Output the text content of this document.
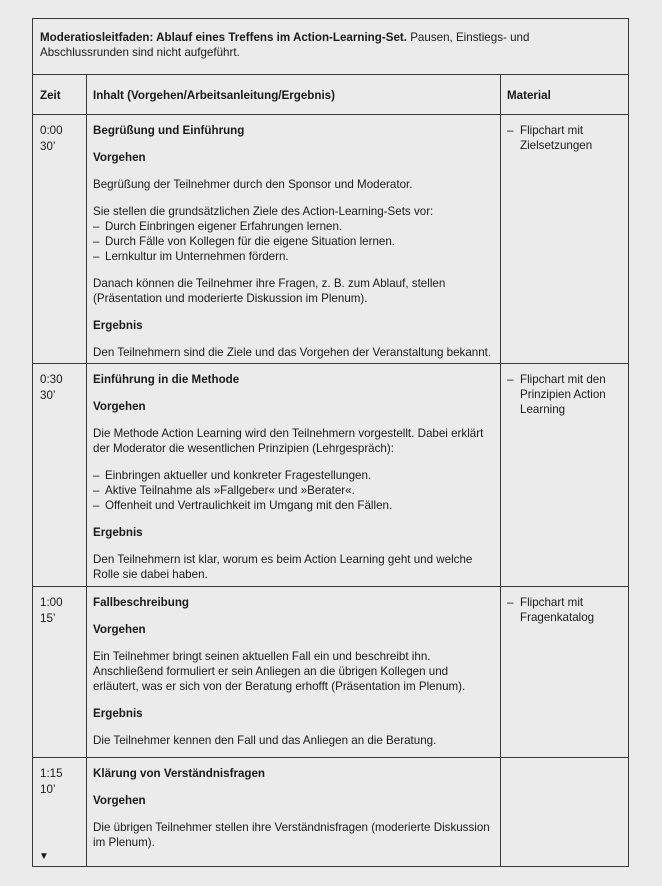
Moderatiosleitfaden: Ablauf eines Treffens im Action-Learning-Set. Pausen, Einstiegs- und Abschlussrunden sind nicht aufgeführt.
Zeit	Inhalt (Vorgehen/Arbeitsanleitung/Ergebnis)	Material
0:00
30’
Begrüßung und Einführung
Vorgehen
Begrüßung der Teilnehmer durch den Sponsor und Moderator.
Sie stellen die grundsätzlichen Ziele des Action-Learning-Sets vor:
– Durch Einbringen eigener Erfahrungen lernen.
– Durch Fälle von Kollegen für die eigene Situation lernen.
– Lernkultur im Unternehmen fördern.
Danach können die Teilnehmer ihre Fragen, z. B. zum Ablauf, stellen (Präsentation und moderierte Diskussion im Plenum).
Ergebnis
Den Teilnehmern sind die Ziele und das Vorgehen der Veranstaltung bekannt.
– Flipchart mit Zielsetzungen
0:30
30’
Einführung in die Methode
Vorgehen
Die Methode Action Learning wird den Teilnehmern vorgestellt. Dabei erklärt der Moderator die wesentlichen Prinzipien (Lehrgespräch):
– Einbringen aktueller und konkreter Fragestellungen.
– Aktive Teilnahme als »Fallgeber« und »Berater«.
– Offenheit und Vertraulichkeit im Umgang mit den Fällen.
Ergebnis
Den Teilnehmern ist klar, worum es beim Action Learning geht und welche Rolle sie dabei haben.
– Flipchart mit den Prinzipien Action Learning
1:00
15’
Fallbeschreibung
Vorgehen
Ein Teilnehmer bringt seinen aktuellen Fall ein und beschreibt ihn. Anschließend formuliert er sein Anliegen an die übrigen Kollegen und erläutert, was er sich von der Beratung erhofft (Präsentation im Plenum).
Ergebnis
Die Teilnehmer kennen den Fall und das Anliegen an die Beratung.
– Flipchart mit Fragenkatalog
1:15
10’
▼
Klärung von Verständnisfragen
Vorgehen
Die übrigen Teilnehmer stellen ihre Verständnisfragen (moderierte Diskussion im Plenum).
